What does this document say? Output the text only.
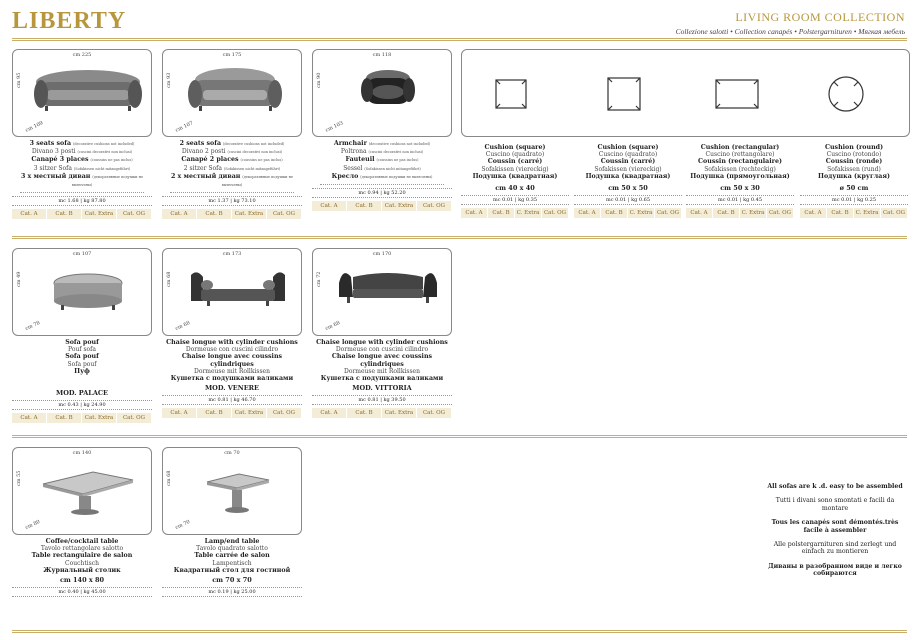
LIBERTY	LIVING ROOM COLLECTION
Collezione salotti • Collection canapés • Polstergarnituren • Мягкая мебель
cm 225
cm 95
cm 109
3 seats sofa (decorative cushions not included)
Divano 3 posti (cuscini decorativi non inclusi)
Canapé 3 places (coussins ne pas inclus)
3 sitzer Sofa (Sofakissen nicht mitangeführt)
3 х местный диван (декоративные подушки не включены)
mc 1.68 | kg 87.80
Cat. A	Cat. B	Cat. Extra	Cat. OG
cm 175
cm 93
cm 107
2 seats sofa (decorative cushions not included)
Divano 2 posti (cuscini decorativi non inclusi)
Canapé 2 places (coussins ne pas inclus)
2 sitzer Sofa (Sofakissen nicht mitangeführt)
2 х местный диван (декоративные подушки не включены)
mc 1.37 | kg 73.10
Cat. A	Cat. B	Cat. Extra	Cat. OG
cm 118
cm 90
cm 103
Armchair (decorative cushions not included)
Poltrona (cuscini decorativi non inclusi)
Fauteuil (coussins ne pas inclus)
Sessel (Sofakissen nicht mitangeführt)
Кресло (декоративные подушки не включены)
mc 0.94 | kg 52.20
Cat. A	Cat. B	Cat. Extra	Cat. OG
Cushion (square)
Cuscino (quadrato)
Coussin (carré)
Sofakissen (viereckig)
Подушка (квадратная)
cm 40 x 40
mc 0.01 | kg 0.35
Cat. A	Cat. B	C. Extra Cat. OG
Cushion (square)
Cuscino (quadrato)
Coussin (carré)
Sofakissen (viereckig)
Подушка (квадратная)
cm 50 x 50
mc 0.01 | kg 0.65
Cat. A	Cat. B	C. Extra Cat. OG
Cushion (rectangular)
Cuscino (rettangolare)
Coussin (rectangulaire)
Sofakissen (rechteckig)
Подушка (прямоугольная)
cm 50 x 30
mc 0.01 | kg 0.45
Cat. A	Cat. B	C. Extra Cat. OG
Cushion (round)
Cuscino (rotondo)
Coussin (ronde)
Sofakissen (rund)
Подушка (круглая)
ø 50 cm
mc 0.01 | kg 0.25
Cat. A	Cat. B	C. Extra Cat. OG
cm 107
cm 49
cm 78
Sofa pouf
Pouf sofa
Sofa pouf
Sofa pouf
Пуф
MOD. PALACE
mc 0.43 | kg 24.90
Cat. A	Cat. B	Cat. Extra	Cat. OG
cm 173
cm 68
cm 68
Chaise longue with cylinder cushions
Dormeuse con cuscini cilindro
Chaise longue avec coussins cylindriques
Dormeuse mit Rollkissen
Кушетка с подушками валиками
MOD. VENERE
mc 0.81 | kg 46.70
Cat. A	Cat. B	Cat. Extra	Cat. OG
cm 170
cm 72
cm 68
Chaise longue with cylinder cushions
Dormeuse con cuscini cilindro
Chaise longue avec coussins cylindriques
Dormeuse mit Rollkissen
Кушетка с подушками валиками
MOD. VITTORIA
mc 0.81 | kg 39.50
Cat. A	Cat. B	Cat. Extra	Cat. OG
cm 140
cm 55
cm 80
Coffee/cocktail table
Tavolo rettangolare salotto
Table rectangulaire de salon
Couchtisch
Журнальный столик
cm 140 x 80
mc 0.40 | kg 45.00
cm 70
cm 68
cm 70
Lamp/end table
Tavolo quadrato salotto
Table carrée de salon
Lampentisch
Квадратный стол для гостиной
cm 70 x 70
mc 0.19 | kg 25.00

All sofas are k .d. easy to be assembled

Tutti i divani sono smontati e facili da montare

Tous les canapés sont démontés.très facile à assembler

Alle polstergarnituren sind zerlegt und einfach zu montieren

Диваны в разобранном виде и легко собираются
